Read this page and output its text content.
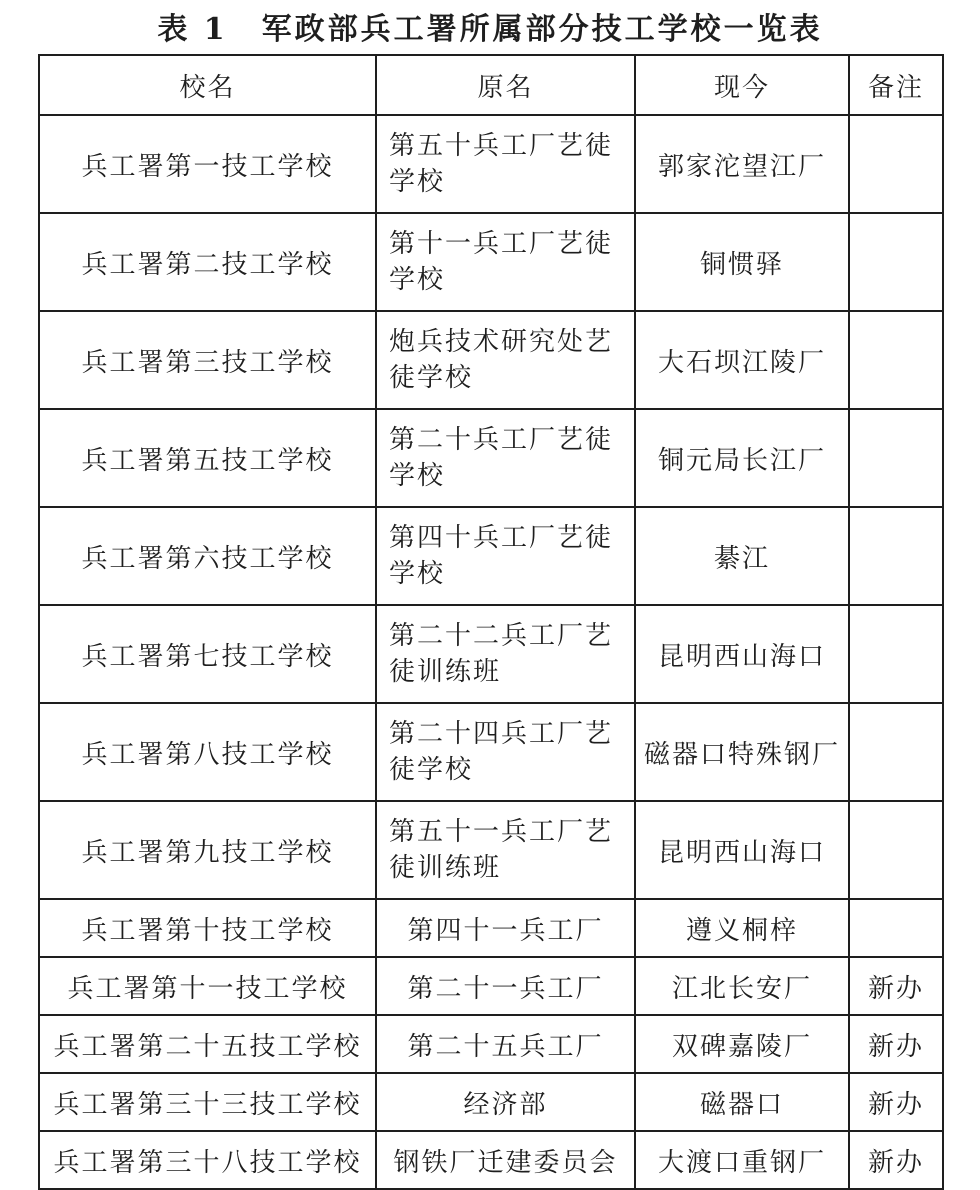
表 1 军政部兵工署所属部分技工学校一览表
校名	原名	现今	备注
兵工署第一技工学校	第五十兵工厂艺徒学校	郭家沱望江厂	
兵工署第二技工学校	第十一兵工厂艺徒学校	铜惯驿	
兵工署第三技工学校	炮兵技术研究处艺徒学校	大石坝江陵厂	
兵工署第五技工学校	第二十兵工厂艺徒学校	铜元局长江厂	
兵工署第六技工学校	第四十兵工厂艺徒学校	綦江	
兵工署第七技工学校	第二十二兵工厂艺徒训练班	昆明西山海口	
兵工署第八技工学校	第二十四兵工厂艺徒学校	磁器口特殊钢厂	
兵工署第九技工学校	第五十一兵工厂艺徒训练班	昆明西山海口	
兵工署第十技工学校	第四十一兵工厂	遵义桐梓	
兵工署第十一技工学校	第二十一兵工厂	江北长安厂	新办
兵工署第二十五技工学校	第二十五兵工厂	双碑嘉陵厂	新办
兵工署第三十三技工学校	经济部	磁器口	新办
兵工署第三十八技工学校	钢铁厂迁建委员会	大渡口重钢厂	新办
